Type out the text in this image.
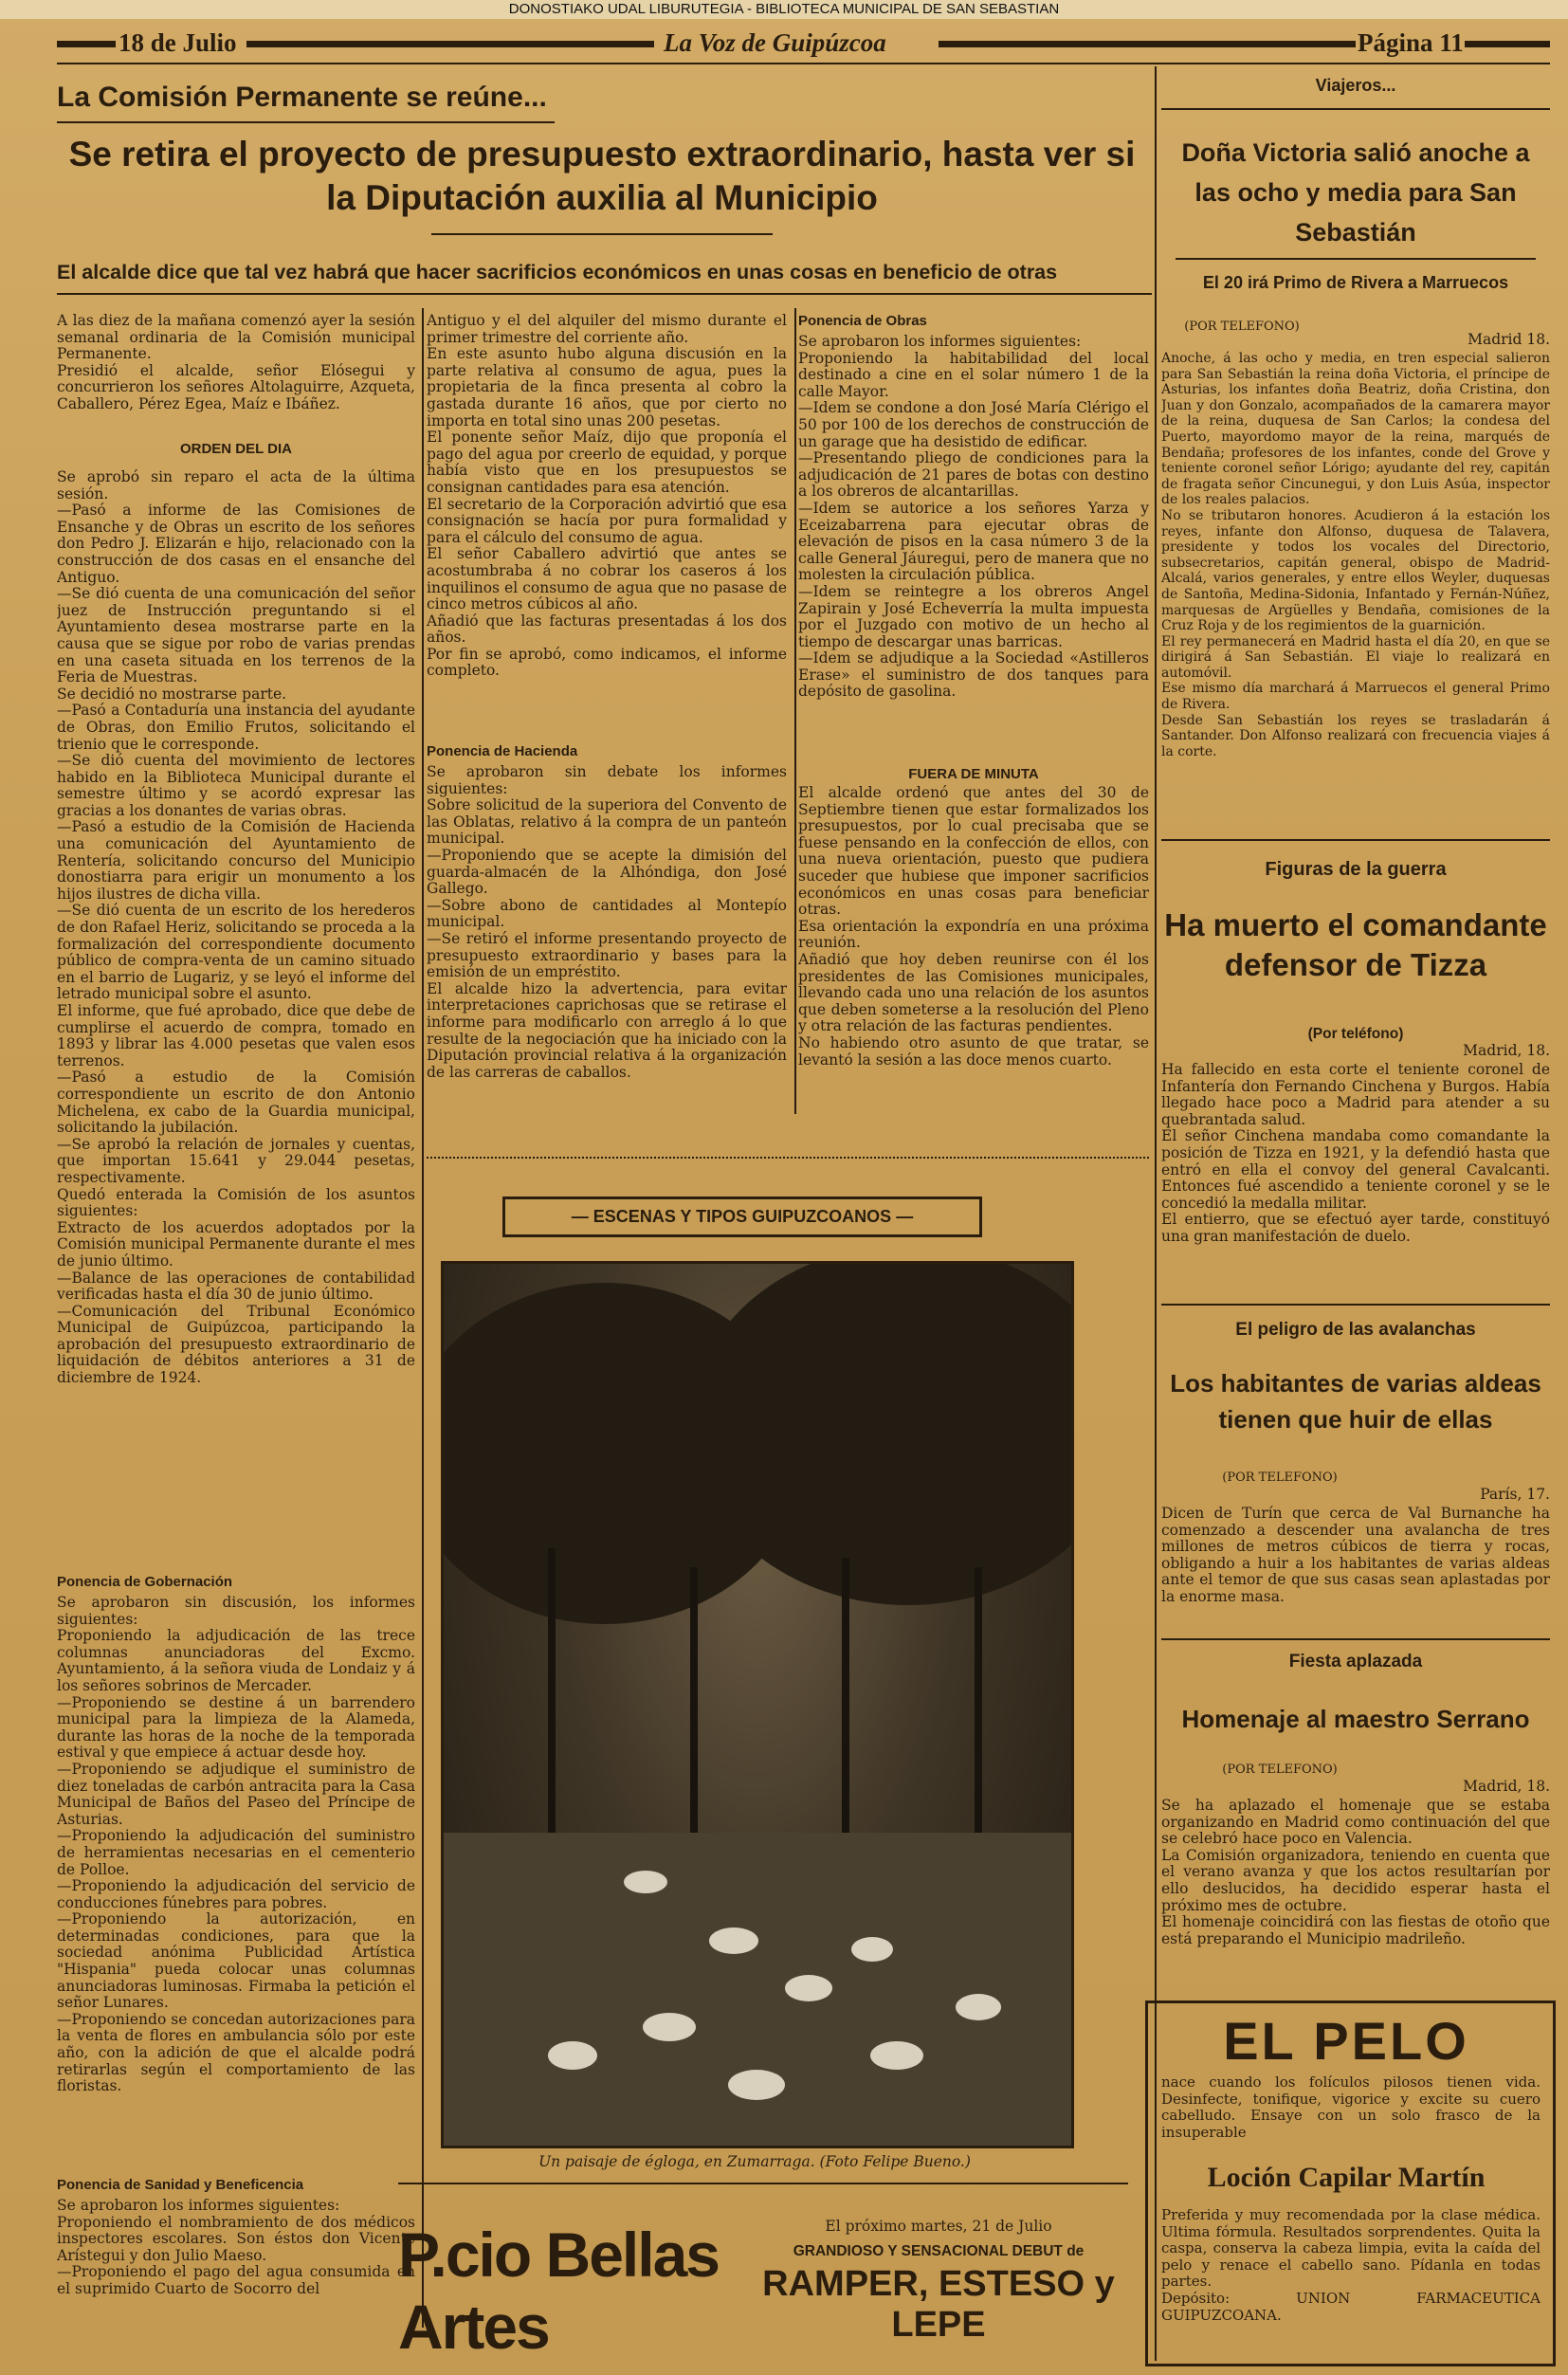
DONOSTIAKO UDAL LIBURUTEGIA - BIBLIOTECA MUNICIPAL DE SAN SEBASTIAN
18 de Julio	La Voz de Guipúzcoa	Página 11
La Comisión Permanente se reúne...
Se retira el proyecto de presupuesto extraordinario, hasta ver si la Diputación auxilia al Municipio
El alcalde dice que tal vez habrá que hacer sacrificios económicos en unas cosas en beneficio de otras
A las diez de la mañana comenzó ayer la sesión semanal ordinaria de la Comisión municipal Permanente.
Presidió el alcalde, señor Elósegui y concurrieron los señores Altolaguirre, Azqueta, Caballero, Pérez Egea, Maíz e Ibáñez.
ORDEN DEL DIA
Se aprobó sin reparo el acta de la última sesión.
—Pasó a informe de las Comisiones de Ensanche y de Obras un escrito de los señores don Pedro J. Elizarán e hijo, relacionado con la construcción de dos casas en el ensanche del Antiguo.
—Se dió cuenta de una comunicación del señor juez de Instrucción preguntando si el Ayuntamiento desea mostrarse parte en la causa que se sigue por robo de varias prendas en una caseta situada en los terrenos de la Feria de Muestras.
Se decidió no mostrarse parte.
—Pasó a Contaduría una instancia del ayudante de Obras, don Emilio Frutos, solicitando el trienio que le corresponde.
—Se dió cuenta del movimiento de lectores habido en la Biblioteca Municipal durante el semestre último y se acordó expresar las gracias a los donantes de varias obras.
—Pasó a estudio de la Comisión de Hacienda una comunicación del Ayuntamiento de Rentería, solicitando concurso del Municipio donostiarra para erigir un monumento a los hijos ilustres de dicha villa.
—Se dió cuenta de un escrito de los herederos de don Rafael Heriz, solicitando se proceda a la formalización del correspondiente documento público de compra-venta de un camino situado en el barrio de Lugariz, y se leyó el informe del letrado municipal sobre el asunto.
El informe, que fué aprobado, dice que debe de cumplirse el acuerdo de compra, tomado en 1893 y librar las 4.000 pesetas que valen esos terrenos.
—Pasó a estudio de la Comisión correspondiente un escrito de don Antonio Michelena, ex cabo de la Guardia municipal, solicitando la jubilación.
—Se aprobó la relación de jornales y cuentas, que importan 15.641 y 29.044 pesetas, respectivamente.
Quedó enterada la Comisión de los asuntos siguientes:
Extracto de los acuerdos adoptados por la Comisión municipal Permanente durante el mes de junio último.
—Balance de las operaciones de contabilidad verificadas hasta el día 30 de junio último.
—Comunicación del Tribunal Económico Municipal de Guipúzcoa, participando la aprobación del presupuesto extraordinario de liquidación de débitos anteriores a 31 de diciembre de 1924.
Ponencia de Gobernación
Se aprobaron sin discusión, los informes siguientes:
Proponiendo la adjudicación de las trece columnas anunciadoras del Excmo. Ayuntamiento, á la señora viuda de Londaiz y á los señores sobrinos de Mercader.
—Proponiendo se destine á un barrendero municipal para la limpieza de la Alameda, durante las horas de la noche de la temporada estival y que empiece á actuar desde hoy.
—Proponiendo se adjudique el suministro de diez toneladas de carbón antracita para la Casa Municipal de Baños del Paseo del Príncipe de Asturias.
—Proponiendo la adjudicación del suministro de herramientas necesarias en el cementerio de Polloe.
—Proponiendo la adjudicación del servicio de conducciones fúnebres para pobres.
—Proponiendo la autorización, en determinadas condiciones, para que la sociedad anónima Publicidad Artística "Hispania" pueda colocar unas columnas anunciadoras luminosas. Firmaba la petición el señor Lunares.
—Proponiendo se concedan autorizaciones para la venta de flores en ambulancia sólo por este año, con la adición de que el alcalde podrá retirarlas según el comportamiento de las floristas.
Ponencia de Sanidad y Beneficencia
Se aprobaron los informes siguientes:
Proponiendo el nombramiento de dos médicos inspectores escolares. Son éstos don Vicente Arístegui y don Julio Maeso.
—Proponiendo el pago del agua consumida en el suprimido Cuarto de Socorro del
Antiguo y el del alquiler del mismo durante el primer trimestre del corriente año.
En este asunto hubo alguna discusión en la parte relativa al consumo de agua, pues la propietaria de la finca presenta al cobro la gastada durante 16 años, que por cierto no importa en total sino unas 200 pesetas.
El ponente señor Maíz, dijo que proponía el pago del agua por creerlo de equidad, y porque había visto que en los presupuestos se consignan cantidades para esa atención.
El secretario de la Corporación advirtió que esa consignación se hacía por pura formalidad y para el cálculo del consumo de agua.
El señor Caballero advirtió que antes se acostumbraba á no cobrar los caseros á los inquilinos el consumo de agua que no pasase de cinco metros cúbicos al año.
Añadió que las facturas presentadas á los dos años.
Por fin se aprobó, como indicamos, el informe completo.
Ponencia de Hacienda
Se aprobaron sin debate los informes siguientes:
Sobre solicitud de la superiora del Convento de las Oblatas, relativo á la compra de un panteón municipal.
—Proponiendo que se acepte la dimisión del guarda-almacén de la Alhóndiga, don José Gallego.
—Sobre abono de cantidades al Montepío municipal.
—Se retiró el informe presentando proyecto de presupuesto extraordinario y bases para la emisión de un empréstito.
El alcalde hizo la advertencia, para evitar interpretaciones caprichosas que se retirase el informe para modificarlo con arreglo á lo que resulte de la negociación que ha iniciado con la Diputación provincial relativa á la organización de las carreras de caballos.
Ponencia de Obras
Se aprobaron los informes siguientes:
Proponiendo la habitabilidad del local destinado a cine en el solar número 1 de la calle Mayor.
—Idem se condone a don José María Clérigo el 50 por 100 de los derechos de construcción de un garage que ha desistido de edificar.
—Presentando pliego de condiciones para la adjudicación de 21 pares de botas con destino a los obreros de alcantarillas.
—Idem se autorice a los señores Yarza y Eceizabarrena para ejecutar obras de elevación de pisos en la casa número 3 de la calle General Jáuregui, pero de manera que no molesten la circulación pública.
—Idem se reintegre a los obreros Angel Zapirain y José Echeverría la multa impuesta por el Juzgado con motivo de un hecho al tiempo de descargar unas barricas.
—Idem se adjudique a la Sociedad «Astilleros Erase» el suministro de dos tanques para depósito de gasolina.
FUERA DE MINUTA
El alcalde ordenó que antes del 30 de Septiembre tienen que estar formalizados los presupuestos, por lo cual precisaba que se fuese pensando en la confección de ellos, con una nueva orientación, puesto que pudiera suceder que hubiese que imponer sacrificios económicos en unas cosas para beneficiar otras.
Esa orientación la expondría en una próxima reunión.
Añadió que hoy deben reunirse con él los presidentes de las Comisiones municipales, llevando cada uno una relación de los asuntos que deben someterse a la resolución del Pleno y otra relación de las facturas pendientes.
No habiendo otro asunto de que tratar, se levantó la sesión a las doce menos cuarto.
— ESCENAS Y TIPOS GUIPUZCOANOS —
Un paisaje de égloga, en Zumarraga. (Foto Felipe Bueno.)
P.cio Bellas Artes
El próximo martes, 21 de Julio
GRANDIOSO Y SENSACIONAL DEBUT de
RAMPER, ESTESO y LEPE
Viajeros...
Doña Victoria salió anoche a las ocho y media para San Sebastián
El 20 irá Primo de Rivera a Marruecos
(POR TELEFONO)
Madrid 18.
Anoche, á las ocho y media, en tren especial salieron para San Sebastián la reina doña Victoria, el príncipe de Asturias, los infantes doña Beatriz, doña Cristina, don Juan y don Gonzalo, acompañados de la camarera mayor de la reina, duquesa de San Carlos; la condesa del Puerto, mayordomo mayor de la reina, marqués de Bendaña; profesores de los infantes, conde del Grove y teniente coronel señor Lórigo; ayudante del rey, capitán de fragata señor Cincunegui, y don Luis Asúa, inspector de los reales palacios.
No se tributaron honores. Acudieron á la estación los reyes, infante don Alfonso, duquesa de Talavera, presidente y todos los vocales del Directorio, subsecretarios, capitán general, obispo de Madrid-Alcalá, varios generales, y entre ellos Weyler, duquesas de Santoña, Medina-Sidonia, Infantado y Fernán-Núñez, marquesas de Argüelles y Bendaña, comisiones de la Cruz Roja y de los regimientos de la guarnición.
El rey permanecerá en Madrid hasta el día 20, en que se dirigirá á San Sebastián. El viaje lo realizará en automóvil.
Ese mismo día marchará á Marruecos el general Primo de Rivera.
Desde San Sebastián los reyes se trasladarán á Santander. Don Alfonso realizará con frecuencia viajes á la corte.
Figuras de la guerra
Ha muerto el comandante defensor de Tizza
(Por teléfono)
Madrid, 18.
Ha fallecido en esta corte el teniente coronel de Infantería don Fernando Cinchena y Burgos. Había llegado hace poco a Madrid para atender a su quebrantada salud.
El señor Cinchena mandaba como comandante la posición de Tizza en 1921, y la defendió hasta que entró en ella el convoy del general Cavalcanti. Entonces fué ascendido a teniente coronel y se le concedió la medalla militar.
El entierro, que se efectuó ayer tarde, constituyó una gran manifestación de duelo.
El peligro de las avalanchas
Los habitantes de varias aldeas tienen que huir de ellas
(POR TELEFONO)
París, 17.
Dicen de Turín que cerca de Val Burnanche ha comenzado a descender una avalancha de tres millones de metros cúbicos de tierra y rocas, obligando a huir a los habitantes de varias aldeas ante el temor de que sus casas sean aplastadas por la enorme masa.
Fiesta aplazada
Homenaje al maestro Serrano
(POR TELEFONO)
Madrid, 18.
Se ha aplazado el homenaje que se estaba organizando en Madrid como continuación del que se celebró hace poco en Valencia.
La Comisión organizadora, teniendo en cuenta que el verano avanza y que los actos resultarían por ello deslucidos, ha decidido esperar hasta el próximo mes de octubre.
El homenaje coincidirá con las fiestas de otoño que está preparando el Municipio madrileño.
EL PELO
nace cuando los folículos pilosos tienen vida. Desinfecte, tonifique, vigorice y excite su cuero cabelludo. Ensaye con un solo frasco de la insuperable
Loción Capilar Martín
Preferida y muy recomendada por la clase médica. Ultima fórmula. Resultados sorprendentes. Quita la caspa, conserva la cabeza limpia, evita la caída del pelo y renace el cabello sano. Pídanla en todas partes.
Depósito: UNION FARMACEUTICA GUIPUZCOANA.
